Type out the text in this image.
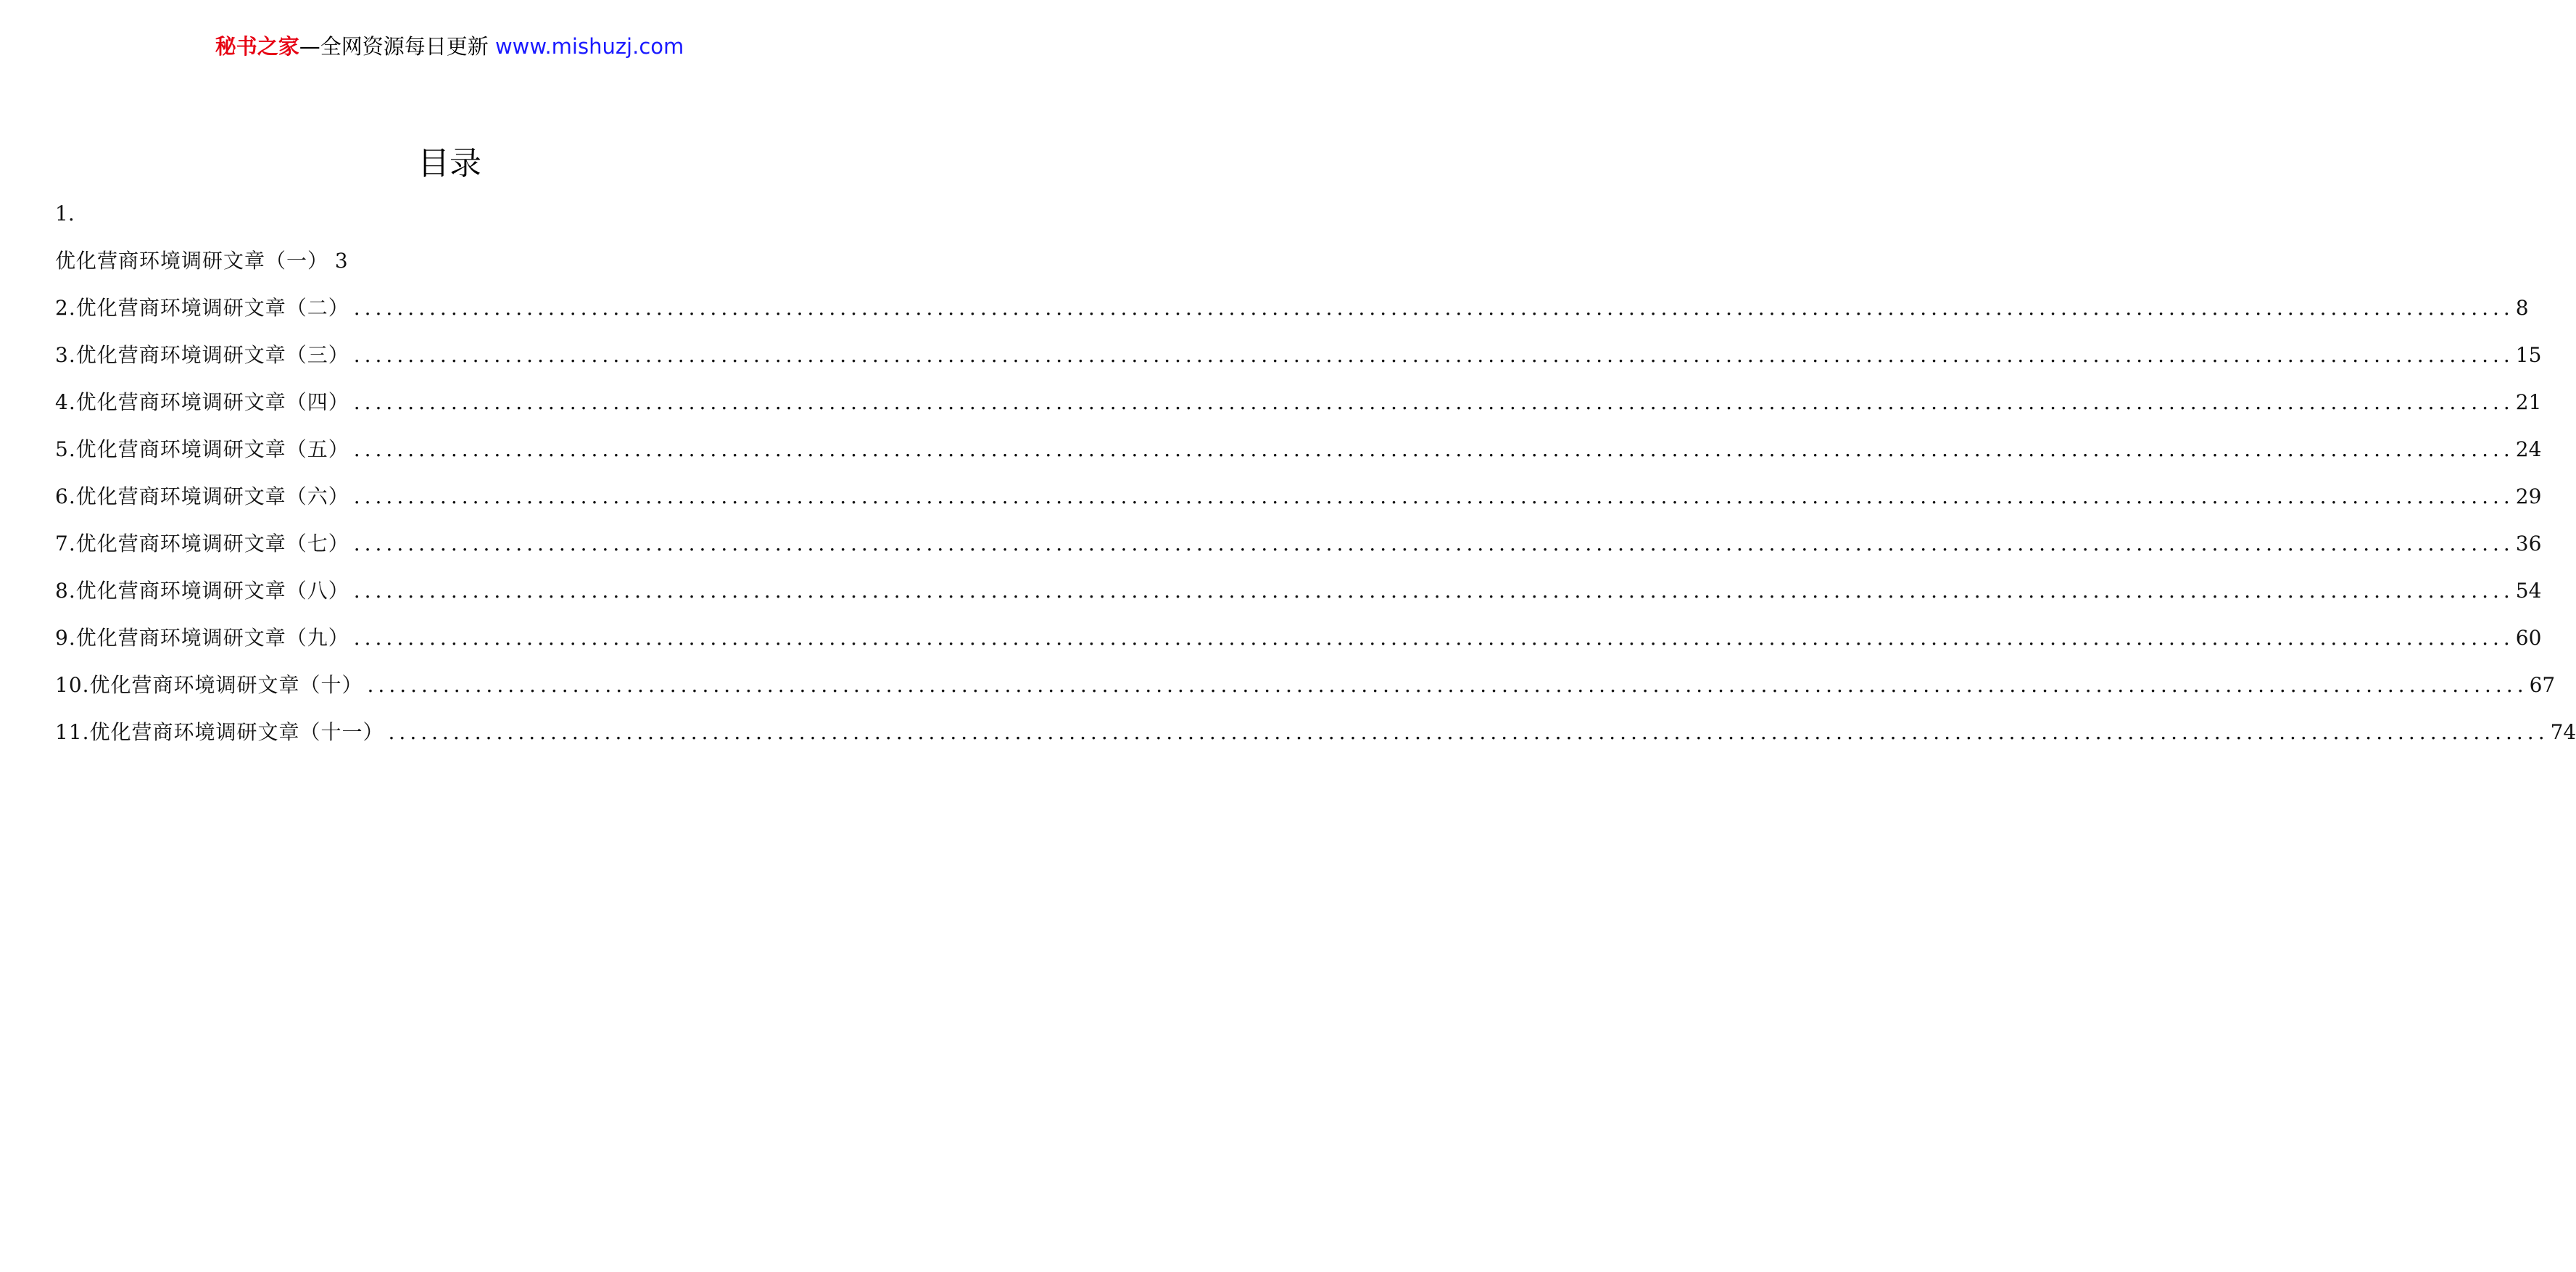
秘书之家—全网资源每日更新 www.mishuzj.com
目录
1.
优化营商环境调研文章（一） 3
2.优化营商环境调研文章（二） ........................................................................................................................................................................................................ 8
3.优化营商环境调研文章（三） ........................................................................................................................................................................................................ 15
4.优化营商环境调研文章（四） ........................................................................................................................................................................................................ 21
5.优化营商环境调研文章（五） ........................................................................................................................................................................................................ 24
6.优化营商环境调研文章（六） ........................................................................................................................................................................................................ 29
7.优化营商环境调研文章（七） ........................................................................................................................................................................................................ 36
8.优化营商环境调研文章（八） ........................................................................................................................................................................................................ 54
9.优化营商环境调研文章（九） ........................................................................................................................................................................................................ 60
10.优化营商环境调研文章（十） ........................................................................................................................................................................................................ 67
11.优化营商环境调研文章（十一） ........................................................................................................................................................................................................ 74
